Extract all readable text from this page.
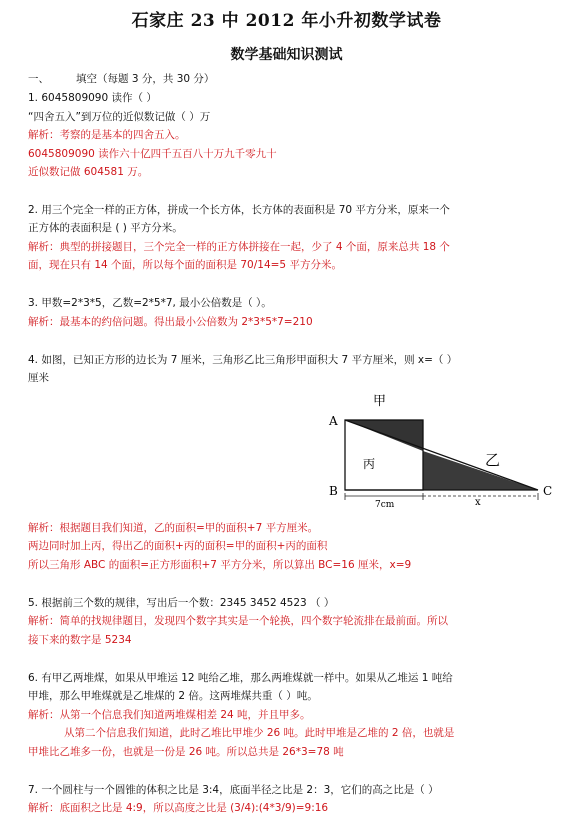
石家庄 23 中 2012 年小升初数学试卷
数学基础知识测试
一、	填空（每题 3 分，共 30 分）
1. 6045809090 读作（ ）
“四舍五入”到万位的近似数记做（ ）万
解析：考察的是基本的四舍五入。
6045809090 读作六十亿四千五百八十万九千零九十
近似数记做 604581 万。
2. 用三个完全一样的正方体，拼成一个长方体，长方体的表面积是 70 平方分米，原来一个
正方体的表面积是 ( ) 平方分米。
解析：典型的拼接题目，三个完全一样的正方体拼接在一起，少了 4 个面，原来总共 18 个
面，现在只有 14 个面，所以每个面的面积是 70/14=5 平方分米。
3. 甲数=2*3*5，乙数=2*5*7, 最小公倍数是（ ）。
解析：最基本的约倍问题。得出最小公倍数为 2*3*5*7=210
4. 如图，已知正方形的边长为 7 厘米，三角形乙比三角形甲面积大 7 平方厘米，则 x=（ ）
厘米
甲
丙	乙
A
B	C
7cm	x
解析：根据题目我们知道，乙的面积=甲的面积+7 平方厘米。
两边同时加上丙，得出乙的面积+丙的面积=甲的面积+丙的面积
所以三角形 ABC 的面积=正方形面积+7 平方分米，所以算出 BC=16 厘米，x=9
5. 根据前三个数的规律，写出后一个数：2345 3452 4523 （ ）
解析：简单的找规律题目，发现四个数字其实是一个轮换，四个数字轮流排在最前面。所以
接下来的数字是 5234
6. 有甲乙两堆煤，如果从甲堆运 12 吨给乙堆，那么两堆煤就一样中。如果从乙堆运 1 吨给
甲堆，那么甲堆煤就是乙堆煤的 2 倍。这两堆煤共重（ ）吨。
解析：从第一个信息我们知道两堆煤相差 24 吨，并且甲多。
从第二个信息我们知道，此时乙堆比甲堆少 26 吨。此时甲堆是乙堆的 2 倍，也就是
甲堆比乙堆多一份，也就是一份是 26 吨。所以总共是 26*3=78 吨
7. 一个圆柱与一个圆锥的体积之比是 3:4，底面半径之比是 2：3，它们的高之比是（ ）
解析：底面积之比是 4:9，所以高度之比是 (3/4):(4*3/9)=9:16
